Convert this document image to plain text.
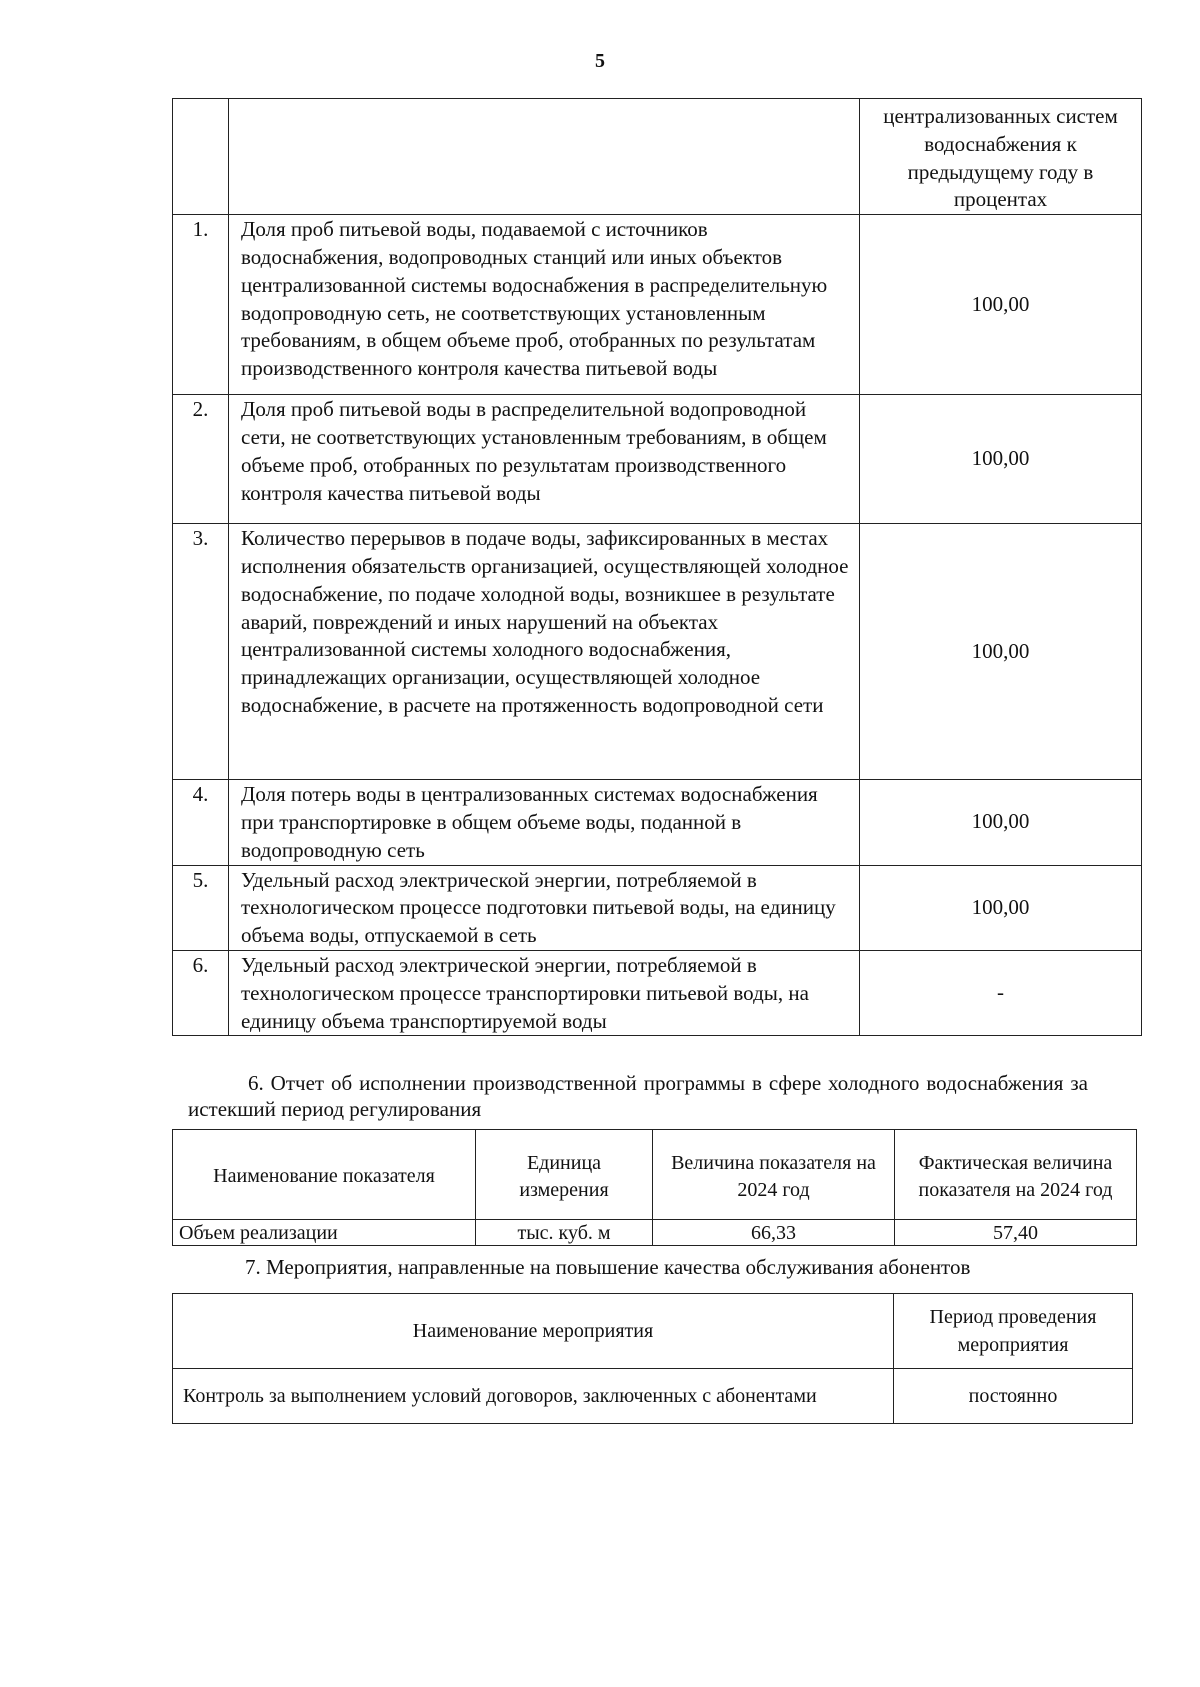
5
		централизованных систем водоснабжения к предыдущему году в процентах
1.	Доля проб питьевой воды, подаваемой с источников водоснабжения, водопроводных станций или иных объектов централизованной системы водоснабжения в распределительную водопроводную сеть, не соответствующих установленным требованиям, в общем объеме проб, отобранных по результатам производственного контроля качества питьевой воды	100,00
2.	Доля проб питьевой воды в распределительной водопроводной сети, не соответствующих установленным требованиям, в общем объеме проб, отобранных по результатам производственного контроля качества питьевой воды	100,00
3.	Количество перерывов в подаче воды, зафиксированных в местах исполнения обязательств организацией, осуществляющей холодное водоснабжение, по подаче холодной воды, возникшее в результате аварий, повреждений и иных нарушений на объектах централизованной системы холодного водоснабжения, принадлежащих организации, осуществляющей холодное водоснабжение, в расчете на протяженность водопроводной сети	100,00
4.	Доля потерь воды в централизованных системах водоснабжения при транспортировке в общем объеме воды, поданной в водопроводную сеть	100,00
5.	Удельный расход электрической энергии, потребляемой в технологическом процессе подготовки питьевой воды, на единицу объема воды, отпускаемой в сеть	100,00
6.	Удельный расход электрической энергии, потребляемой в технологическом процессе транспортировки питьевой воды, на единицу объема транспортируемой воды	-
6. Отчет об исполнении производственной программы в сфере холодного водоснабжения за истекший период регулирования
Наименование показателя	Единица измерения	Величина показателя на 2024 год	Фактическая величина показателя на 2024 год
Объем реализации	тыс. куб. м	66,33	57,40
7. Мероприятия, направленные на повышение качества обслуживания абонентов
Наименование мероприятия	Период проведения мероприятия
Контроль за выполнением условий договоров, заключенных с абонентами	постоянно
